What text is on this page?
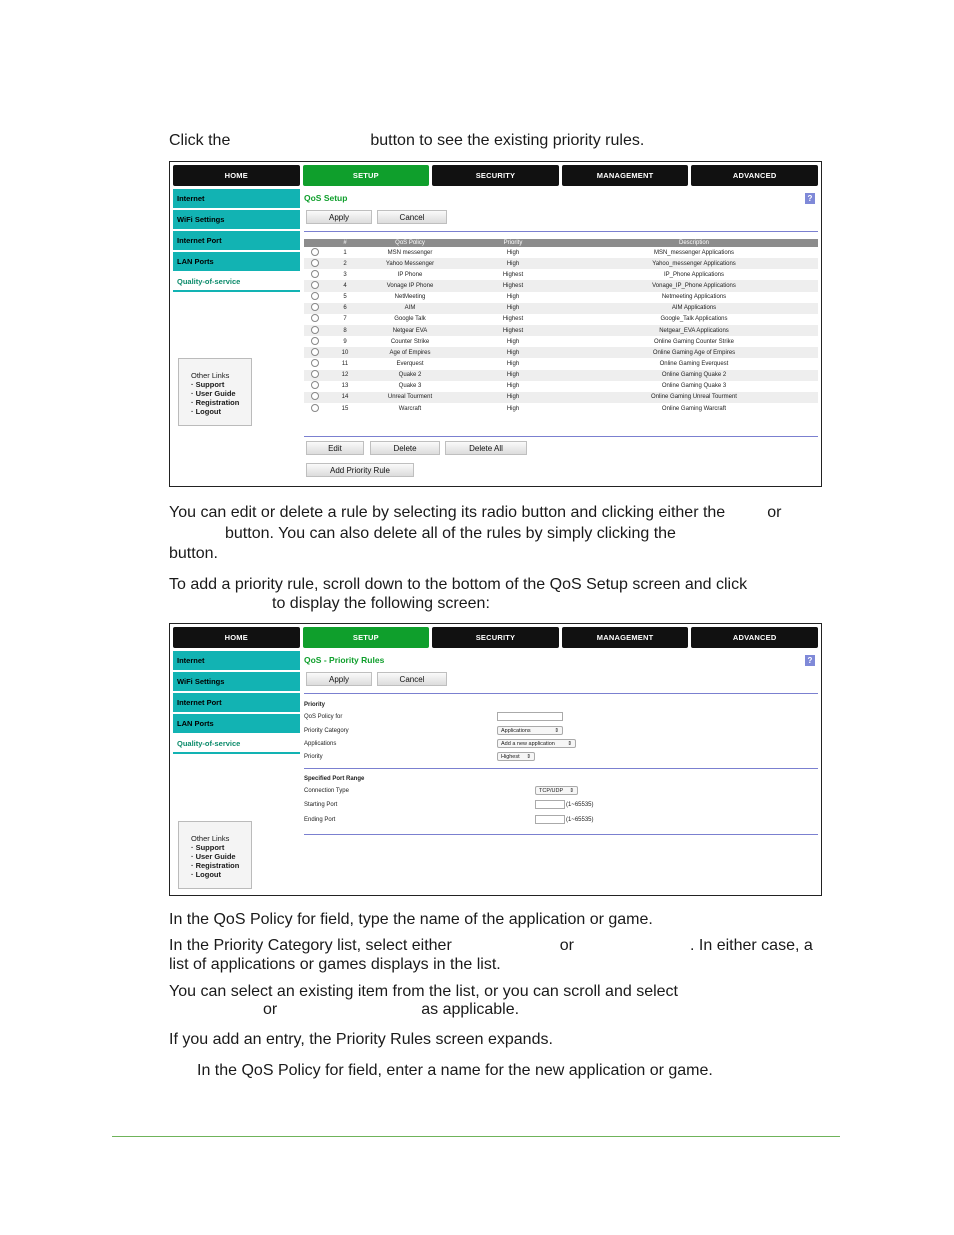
Click the	button to see the existing priority rules.

HOME	SETUP	SECURITY	MANAGEMENT	ADVANCED
Internet
WiFi Settings
Internet Port
LAN Ports
Quality-of-service
Other Links
· Support
· User Guide
· Registration
· Logout
QoS Setup	?
Apply	Cancel
	#	QoS Policy	Priority	Description
	1	MSN messenger	High	MSN_messenger Applications
	2	Yahoo Messenger	High	Yahoo_messenger Applications
	3	IP Phone	Highest	IP_Phone Applications
	4	Vonage IP Phone	Highest	Vonage_IP_Phone Applications
	5	NetMeeting	High	Netmeeting Applications
	6	AIM	High	AIM Applications
	7	Google Talk	Highest	Google_Talk Applications
	8	Netgear EVA	Highest	Netgear_EVA Applications
	9	Counter Strike	High	Online Gaming Counter Strike
	10	Age of Empires	High	Online Gaming Age of Empires
	11	Everquest	High	Online Gaming Everquest
	12	Quake 2	High	Online Gaming Quake 2
	13	Quake 3	High	Online Gaming Quake 3
	14	Unreal Tourment	High	Online Gaming Unreal Tourment
	15	Warcraft	High	Online Gaming Warcraft
Edit	Delete	Delete All
Add Priority Rule
You can edit or delete a rule by selecting its radio button and clicking either the	or
button. You can also delete all of the rules by simply clicking the
button.
To add a priority rule, scroll down to the bottom of the QoS Setup screen and click
to display the following screen:
HOME	SETUP	SECURITY	MANAGEMENT	ADVANCED
Internet
WiFi Settings
Internet Port
LAN Ports
Quality-of-service
Other Links
· Support
· User Guide
· Registration
· Logout
QoS - Priority Rules	?
Apply	Cancel
Priority
QoS Policy for
Priority Category	Applications	⇕
Applications	Add a new application ⇕
Priority	Highest ⇕
Specified Port Range
Connection Type	TCP/UDP ⇕
Starting Port	(1~65535)
Ending Port	(1~65535)
In the QoS Policy for field, type the name of the application or game.
In the Priority Category list, select either	or	. In either case, a
list of applications or games displays in the list.
You can select an existing item from the list, or you can scroll and select
or	as applicable.
If you add an entry, the Priority Rules screen expands.
In the QoS Policy for field, enter a name for the new application or game.
